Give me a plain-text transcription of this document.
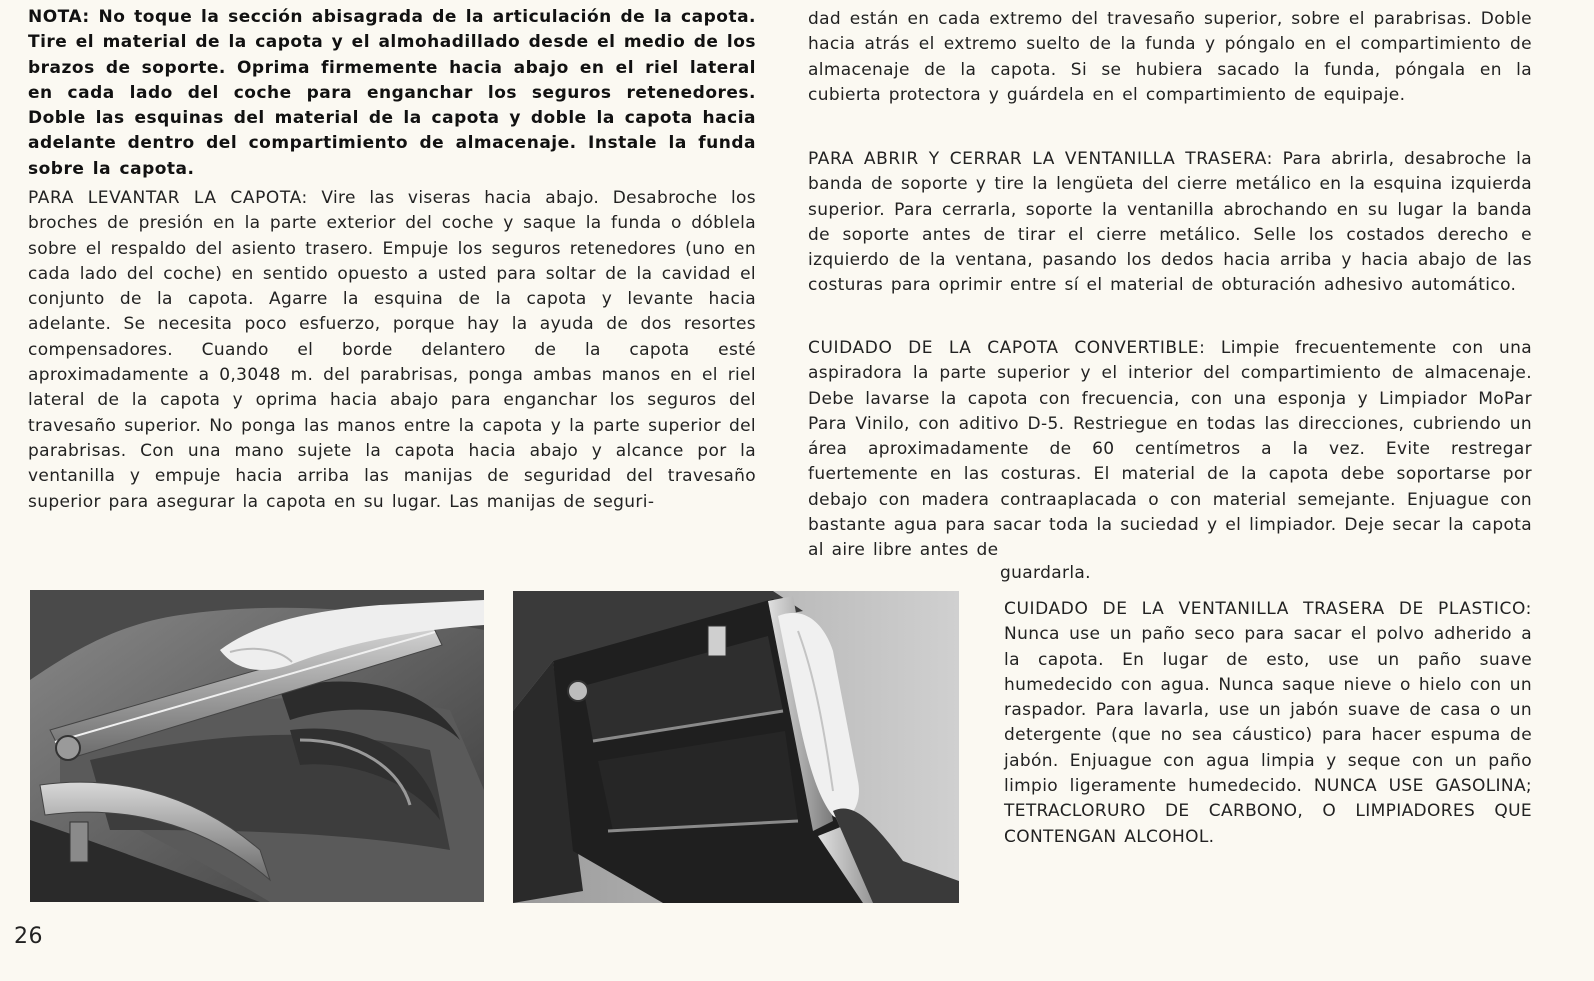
NOTA: No toque la sección abisagrada de la articulación de la capota. Tire el material de la capota y el almohadillado desde el medio de los brazos de soporte. Oprima firmemente hacia abajo en el riel lateral en cada lado del coche para enganchar los seguros retenedores. Doble las esquinas del material de la capota y doble la capota hacia adelante dentro del compartimiento de almacenaje. Instale la funda sobre la capota.

PARA LEVANTAR LA CAPOTA: Vire las viseras hacia abajo. Desabroche los broches de presión en la parte exterior del coche y saque la funda o dóblela sobre el respaldo del asiento trasero. Empuje los seguros retenedores (uno en cada lado del coche) en sentido opuesto a usted para soltar de la cavidad el conjunto de la capota. Agarre la esquina de la capota y levante hacia adelante. Se necesita poco esfuerzo, porque hay la ayuda de dos resortes compensadores. Cuando el borde delantero de la capota esté aproximadamente a 0,3048 m. del parabrisas, ponga ambas manos en el riel lateral de la capota y oprima hacia abajo para enganchar los seguros del travesaño superior. No ponga las manos entre la capota y la parte superior del parabrisas. Con una mano sujete la capota hacia abajo y alcance por la ventanilla y empuje hacia arriba las manijas de seguridad del travesaño superior para asegurar la capota en su lugar. Las manijas de seguri-

dad están en cada extremo del travesaño superior, sobre el parabrisas. Doble hacia atrás el extremo suelto de la funda y póngalo en el compartimiento de almacenaje de la capota. Si se hubiera sacado la funda, póngala en la cubierta protectora y guárdela en el compartimiento de equipaje.

PARA ABRIR Y CERRAR LA VENTANILLA TRASERA: Para abrirla, desabroche la banda de soporte y tire la lengüeta del cierre metálico en la esquina izquierda superior. Para cerrarla, soporte la ventanilla abrochando en su lugar la banda de soporte antes de tirar el cierre metálico. Selle los costados derecho e izquierdo de la ventana, pasando los dedos hacia arriba y hacia abajo de las costuras para oprimir entre sí el material de obturación adhesivo automático.

CUIDADO DE LA CAPOTA CONVERTIBLE: Limpie frecuentemente con una aspiradora la parte superior y el interior del compartimiento de almacenaje. Debe lavarse la capota con frecuencia, con una esponja y Limpiador MoPar Para Vinilo, con aditivo D-5. Restriegue en todas las direcciones, cubriendo un área aproximadamente de 60 centímetros a la vez. Evite restregar fuertemente en las costuras. El material de la capota debe soportarse por debajo con madera contraaplacada o con material semejante. Enjuague con bastante agua para sacar toda la suciedad y el limpiador. Deje secar la capota al aire libre antes de

guardarla.

CUIDADO DE LA VENTANILLA TRASERA DE PLASTICO: Nunca use un paño seco para sacar el polvo adherido a la capota. En lugar de esto, use un paño suave humedecido con agua. Nunca saque nieve o hielo con un raspador. Para lavarla, use un jabón suave de casa o un detergente (que no sea cáustico) para hacer espuma de jabón. Enjuague con agua limpia y seque con un paño limpio ligeramente humedecido. NUNCA USE GASOLINA; TETRACLORURO DE CARBONO, O LIMPIADORES QUE CONTENGAN ALCOHOL.

26
